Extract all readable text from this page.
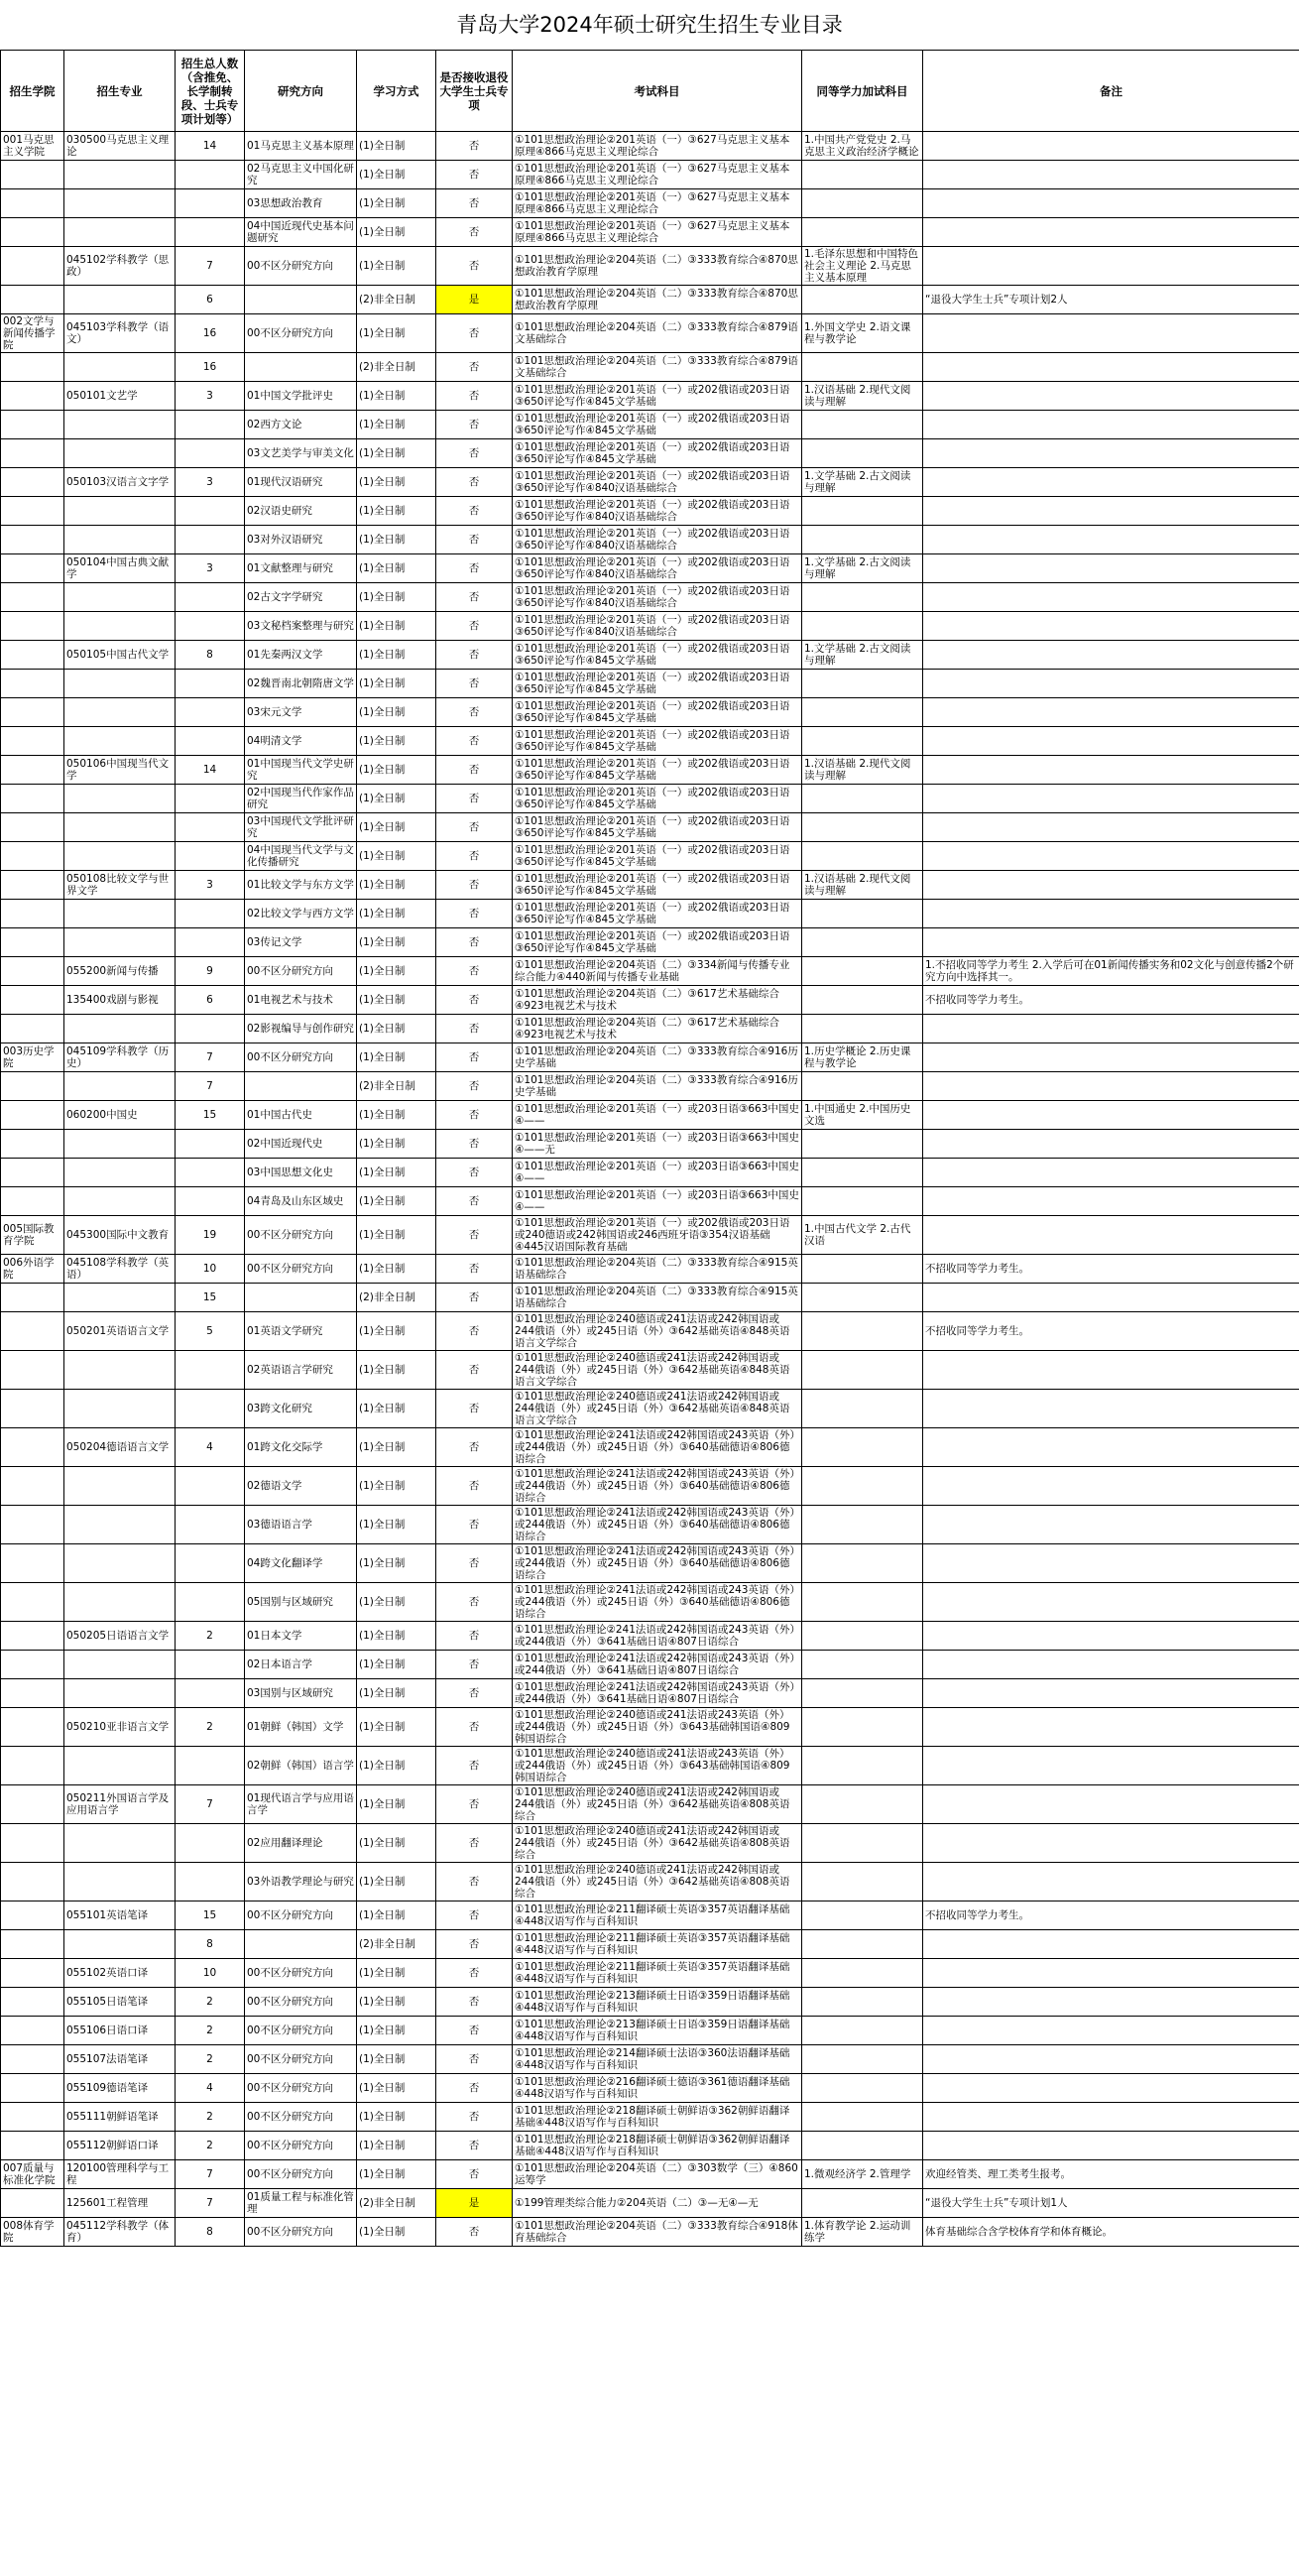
青岛大学2024年硕士研究生招生专业目录
招生学院	招生专业	招生总人数（含推免、长学制转段、士兵专项计划等）	研究方向	学习方式	是否接收退役大学生士兵专项	考试科目	同等学力加试科目	备注
001马克思主义学院	030500马克思主义理论	14	01马克思主义基本原理	(1)全日制	否	①101思想政治理论②201英语（一）③627马克思主义基本原理④866马克思主义理论综合	1.中国共产党党史 2.马克思主义政治经济学概论	
			02马克思主义中国化研究	(1)全日制	否	①101思想政治理论②201英语（一）③627马克思主义基本原理④866马克思主义理论综合		
			03思想政治教育	(1)全日制	否	①101思想政治理论②201英语（一）③627马克思主义基本原理④866马克思主义理论综合		
			04中国近现代史基本问题研究	(1)全日制	否	①101思想政治理论②201英语（一）③627马克思主义基本原理④866马克思主义理论综合		
	045102学科教学（思政）	7	00不区分研究方向	(1)全日制	否	①101思想政治理论②204英语（二）③333教育综合④870思想政治教育学原理	1.毛泽东思想和中国特色社会主义理论 2.马克思主义基本原理	
		6		(2)非全日制	是	①101思想政治理论②204英语（二）③333教育综合④870思想政治教育学原理		“退役大学生士兵”专项计划2人
002文学与新闻传播学院	045103学科教学（语文）	16	00不区分研究方向	(1)全日制	否	①101思想政治理论②204英语（二）③333教育综合④879语文基础综合	1.外国文学史 2.语文课程与教学论	
		16		(2)非全日制	否	①101思想政治理论②204英语（二）③333教育综合④879语文基础综合		
	050101文艺学	3	01中国文学批评史	(1)全日制	否	①101思想政治理论②201英语（一）或202俄语或203日语③650评论写作④845文学基础	1.汉语基础 2.现代文阅读与理解	
			02西方文论	(1)全日制	否	①101思想政治理论②201英语（一）或202俄语或203日语③650评论写作④845文学基础		
			03文艺美学与审美文化	(1)全日制	否	①101思想政治理论②201英语（一）或202俄语或203日语③650评论写作④845文学基础		
	050103汉语言文字学	3	01现代汉语研究	(1)全日制	否	①101思想政治理论②201英语（一）或202俄语或203日语③650评论写作④840汉语基础综合	1.文学基础 2.古文阅读与理解	
			02汉语史研究	(1)全日制	否	①101思想政治理论②201英语（一）或202俄语或203日语③650评论写作④840汉语基础综合		
			03对外汉语研究	(1)全日制	否	①101思想政治理论②201英语（一）或202俄语或203日语③650评论写作④840汉语基础综合		
	050104中国古典文献学	3	01文献整理与研究	(1)全日制	否	①101思想政治理论②201英语（一）或202俄语或203日语③650评论写作④840汉语基础综合	1.文学基础 2.古文阅读与理解	
			02古文字学研究	(1)全日制	否	①101思想政治理论②201英语（一）或202俄语或203日语③650评论写作④840汉语基础综合		
			03文秘档案整理与研究	(1)全日制	否	①101思想政治理论②201英语（一）或202俄语或203日语③650评论写作④840汉语基础综合		
	050105中国古代文学	8	01先秦两汉文学	(1)全日制	否	①101思想政治理论②201英语（一）或202俄语或203日语③650评论写作④845文学基础	1.文学基础 2.古文阅读与理解	
			02魏晋南北朝隋唐文学	(1)全日制	否	①101思想政治理论②201英语（一）或202俄语或203日语③650评论写作④845文学基础		
			03宋元文学	(1)全日制	否	①101思想政治理论②201英语（一）或202俄语或203日语③650评论写作④845文学基础		
			04明清文学	(1)全日制	否	①101思想政治理论②201英语（一）或202俄语或203日语③650评论写作④845文学基础		
	050106中国现当代文学	14	01中国现当代文学史研究	(1)全日制	否	①101思想政治理论②201英语（一）或202俄语或203日语③650评论写作④845文学基础	1.汉语基础 2.现代文阅读与理解	
			02中国现当代作家作品研究	(1)全日制	否	①101思想政治理论②201英语（一）或202俄语或203日语③650评论写作④845文学基础		
			03中国现代文学批评研究	(1)全日制	否	①101思想政治理论②201英语（一）或202俄语或203日语③650评论写作④845文学基础		
			04中国现当代文学与文化传播研究	(1)全日制	否	①101思想政治理论②201英语（一）或202俄语或203日语③650评论写作④845文学基础		
	050108比较文学与世界文学	3	01比较文学与东方文学	(1)全日制	否	①101思想政治理论②201英语（一）或202俄语或203日语③650评论写作④845文学基础	1.汉语基础 2.现代文阅读与理解	
			02比较文学与西方文学	(1)全日制	否	①101思想政治理论②201英语（一）或202俄语或203日语③650评论写作④845文学基础		
			03传记文学	(1)全日制	否	①101思想政治理论②201英语（一）或202俄语或203日语③650评论写作④845文学基础		
	055200新闻与传播	9	00不区分研究方向	(1)全日制	否	①101思想政治理论②204英语（二）③334新闻与传播专业综合能力④440新闻与传播专业基础		1.不招收同等学力考生 2.入学后可在01新闻传播实务和02文化与创意传播2个研究方向中选择其一。
	135400戏剧与影视	6	01电视艺术与技术	(1)全日制	否	①101思想政治理论②204英语（二）③617艺术基础综合④923电视艺术与技术		不招收同等学力考生。
			02影视编导与创作研究	(1)全日制	否	①101思想政治理论②204英语（二）③617艺术基础综合④923电视艺术与技术		
003历史学院	045109学科教学（历史）	7	00不区分研究方向	(1)全日制	否	①101思想政治理论②204英语（二）③333教育综合④916历史学基础	1.历史学概论 2.历史课程与教学论	
		7		(2)非全日制	否	①101思想政治理论②204英语（二）③333教育综合④916历史学基础		
	060200中国史	15	01中国古代史	(1)全日制	否	①101思想政治理论②201英语（一）或203日语③663中国史④——	1.中国通史 2.中国历史文选	
			02中国近现代史	(1)全日制	否	①101思想政治理论②201英语（一）或203日语③663中国史④——无		
			03中国思想文化史	(1)全日制	否	①101思想政治理论②201英语（一）或203日语③663中国史④——		
			04青岛及山东区域史	(1)全日制	否	①101思想政治理论②201英语（一）或203日语③663中国史④——		
005国际教育学院	045300国际中文教育	19	00不区分研究方向	(1)全日制	否	①101思想政治理论②201英语（一）或202俄语或203日语或240德语或242韩国语或246西班牙语③354汉语基础④445汉语国际教育基础	1.中国古代文学 2.古代汉语	
006外语学院	045108学科教学（英语）	10	00不区分研究方向	(1)全日制	否	①101思想政治理论②204英语（二）③333教育综合④915英语基础综合		不招收同等学力考生。
		15		(2)非全日制	否	①101思想政治理论②204英语（二）③333教育综合④915英语基础综合		
	050201英语语言文学	5	01英语文学研究	(1)全日制	否	①101思想政治理论②240德语或241法语或242韩国语或244俄语（外）或245日语（外）③642基础英语④848英语语言文学综合		不招收同等学力考生。
			02英语语言学研究	(1)全日制	否	①101思想政治理论②240德语或241法语或242韩国语或244俄语（外）或245日语（外）③642基础英语④848英语语言文学综合		
			03跨文化研究	(1)全日制	否	①101思想政治理论②240德语或241法语或242韩国语或244俄语（外）或245日语（外）③642基础英语④848英语语言文学综合		
	050204德语语言文学	4	01跨文化交际学	(1)全日制	否	①101思想政治理论②241法语或242韩国语或243英语（外）或244俄语（外）或245日语（外）③640基础德语④806德语综合		
			02德语文学	(1)全日制	否	①101思想政治理论②241法语或242韩国语或243英语（外）或244俄语（外）或245日语（外）③640基础德语④806德语综合		
			03德语语言学	(1)全日制	否	①101思想政治理论②241法语或242韩国语或243英语（外）或244俄语（外）或245日语（外）③640基础德语④806德语综合		
			04跨文化翻译学	(1)全日制	否	①101思想政治理论②241法语或242韩国语或243英语（外）或244俄语（外）或245日语（外）③640基础德语④806德语综合		
			05国别与区域研究	(1)全日制	否	①101思想政治理论②241法语或242韩国语或243英语（外）或244俄语（外）或245日语（外）③640基础德语④806德语综合		
	050205日语语言文学	2	01日本文学	(1)全日制	否	①101思想政治理论②241法语或242韩国语或243英语（外）或244俄语（外）③641基础日语④807日语综合		
			02日本语言学	(1)全日制	否	①101思想政治理论②241法语或242韩国语或243英语（外）或244俄语（外）③641基础日语④807日语综合		
			03国别与区域研究	(1)全日制	否	①101思想政治理论②241法语或242韩国语或243英语（外）或244俄语（外）③641基础日语④807日语综合		
	050210亚非语言文学	2	01朝鲜（韩国）文学	(1)全日制	否	①101思想政治理论②240德语或241法语或243英语（外）或244俄语（外）或245日语（外）③643基础韩国语④809韩国语综合		
			02朝鲜（韩国）语言学	(1)全日制	否	①101思想政治理论②240德语或241法语或243英语（外）或244俄语（外）或245日语（外）③643基础韩国语④809韩国语综合		
	050211外国语言学及应用语言学	7	01现代语言学与应用语言学	(1)全日制	否	①101思想政治理论②240德语或241法语或242韩国语或244俄语（外）或245日语（外）③642基础英语④808英语综合		
			02应用翻译理论	(1)全日制	否	①101思想政治理论②240德语或241法语或242韩国语或244俄语（外）或245日语（外）③642基础英语④808英语综合		
			03外语教学理论与研究	(1)全日制	否	①101思想政治理论②240德语或241法语或242韩国语或244俄语（外）或245日语（外）③642基础英语④808英语综合		
	055101英语笔译	15	00不区分研究方向	(1)全日制	否	①101思想政治理论②211翻译硕士英语③357英语翻译基础④448汉语写作与百科知识		不招收同等学力考生。
		8		(2)非全日制	否	①101思想政治理论②211翻译硕士英语③357英语翻译基础④448汉语写作与百科知识		
	055102英语口译	10	00不区分研究方向	(1)全日制	否	①101思想政治理论②211翻译硕士英语③357英语翻译基础④448汉语写作与百科知识		
	055105日语笔译	2	00不区分研究方向	(1)全日制	否	①101思想政治理论②213翻译硕士日语③359日语翻译基础④448汉语写作与百科知识		
	055106日语口译	2	00不区分研究方向	(1)全日制	否	①101思想政治理论②213翻译硕士日语③359日语翻译基础④448汉语写作与百科知识		
	055107法语笔译	2	00不区分研究方向	(1)全日制	否	①101思想政治理论②214翻译硕士法语③360法语翻译基础④448汉语写作与百科知识		
	055109德语笔译	4	00不区分研究方向	(1)全日制	否	①101思想政治理论②216翻译硕士德语③361德语翻译基础④448汉语写作与百科知识		
	055111朝鲜语笔译	2	00不区分研究方向	(1)全日制	否	①101思想政治理论②218翻译硕士朝鲜语③362朝鲜语翻译基础④448汉语写作与百科知识		
	055112朝鲜语口译	2	00不区分研究方向	(1)全日制	否	①101思想政治理论②218翻译硕士朝鲜语③362朝鲜语翻译基础④448汉语写作与百科知识		
007质量与标准化学院	120100管理科学与工程	7	00不区分研究方向	(1)全日制	否	①101思想政治理论②204英语（二）③303数学（三）④860运筹学	1.微观经济学 2.管理学	欢迎经管类、理工类考生报考。
	125601工程管理	7	01质量工程与标准化管理	(2)非全日制	是	①199管理类综合能力②204英语（二）③—无④—无		“退役大学生士兵”专项计划1人
008体育学院	045112学科教学（体育）	8	00不区分研究方向	(1)全日制	否	①101思想政治理论②204英语（二）③333教育综合④918体育基础综合	1.体育教学论 2.运动训练学	体育基础综合含学校体育学和体育概论。
